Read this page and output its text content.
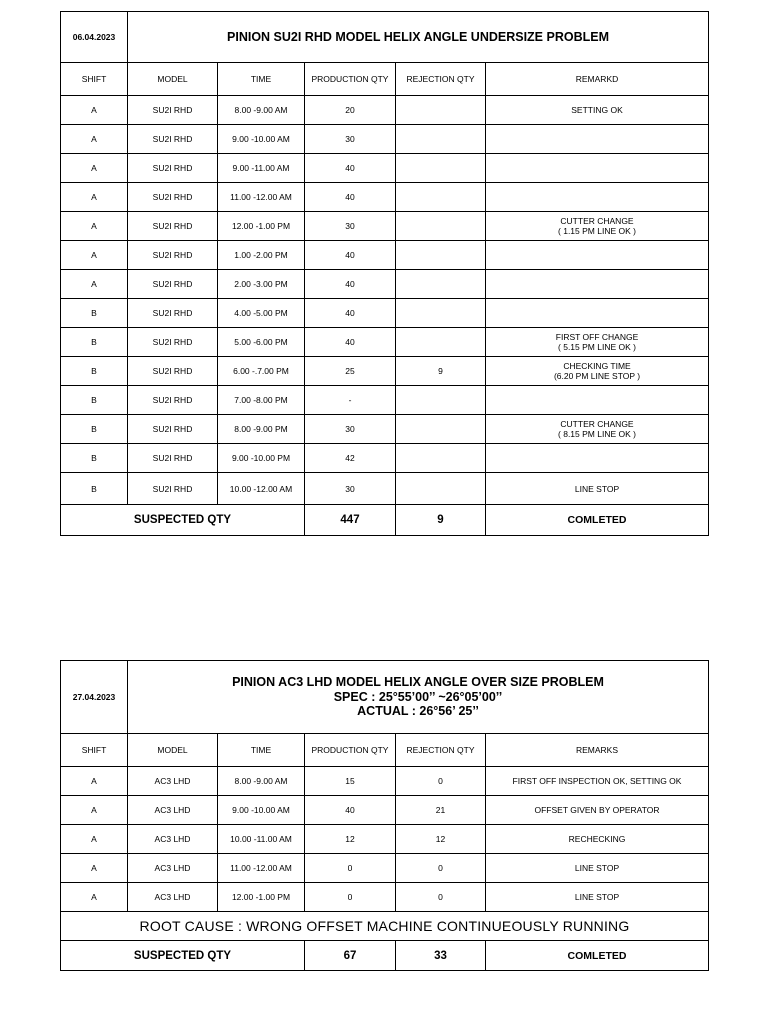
06.04.2023	PINION SU2I RHD MODEL HELIX ANGLE UNDERSIZE PROBLEM				
SHIFT	MODEL	TIME	PRODUCTION QTY	REJECTION QTY	REMARKD
A	SU2I RHD	8.00 -9.00 AM	20		SETTING OK

A	SU2I RHD	9.00 -10.00 AM	30		

A	SU2I RHD	9.00 -11.00 AM	40		

A	SU2I RHD	11.00 -12.00 AM	40		

A	SU2I RHD	12.00 -1.00 PM	30		CUTTER CHANGE
( 1.15 PM LINE OK )

A	SU2I RHD	1.00 -2.00 PM	40		

A	SU2I RHD	2.00 -3.00 PM	40		

B	SU2I RHD	4.00 -5.00 PM	40		

B	SU2I RHD	5.00 -6.00 PM	40		FIRST OFF CHANGE
( 5.15 PM LINE OK )

B	SU2I RHD	6.00 -.7.00 PM	25	9	CHECKING TIME
(6.20 PM LINE STOP )

B	SU2I RHD	7.00 -8.00 PM	-		

B	SU2I RHD	8.00 -9.00 PM	30		CUTTER CHANGE
( 8.15 PM LINE OK )

B	SU2I RHD	9.00 -10.00 PM	42		

B	SU2I RHD	10.00 -12.00 AM	30		LINE STOP

SUSPECTED QTY			447	9	COMLETED
27.04.2023	PINION AC3 LHD MODEL HELIX ANGLE OVER SIZE PROBLEM
SPEC : 25°55’00’’ ~26°05’00’’
ACTUAL : 26°56’ 25’’				

SHIFT	MODEL	TIME	PRODUCTION QTY	REJECTION QTY	REMARKS
A	AC3 LHD	8.00 -9.00 AM	15	0	FIRST OFF INSPECTION OK, SETTING OK
A	AC3 LHD	9.00 -10.00 AM	40	21	OFFSET GIVEN BY OPERATOR
A	AC3 LHD	10.00 -11.00 AM	12	12	RECHECKING
A	AC3 LHD	11.00 -12.00 AM	0	0	LINE STOP
A	AC3 LHD	12.00 -1.00 PM	0	0	LINE STOP
ROOT CAUSE : WRONG OFFSET MACHINE CONTINUEOUSLY RUNNING					
SUSPECTED QTY			67	33	COMLETED
